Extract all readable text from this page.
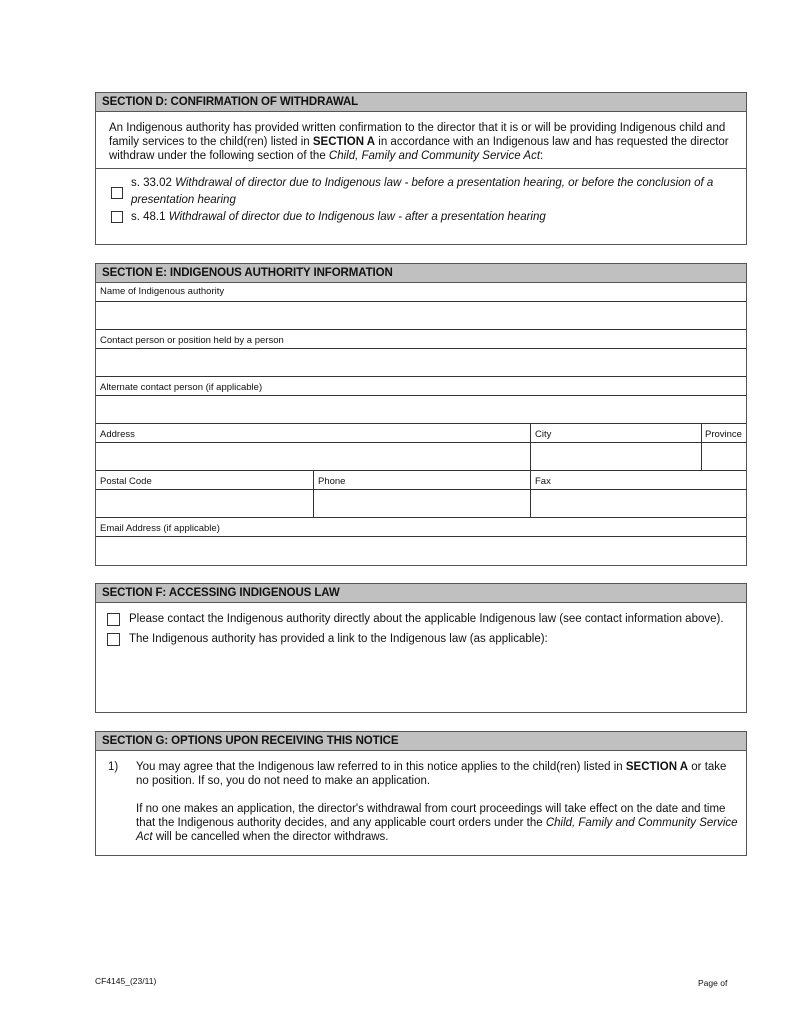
SECTION D: CONFIRMATION OF WITHDRAWAL
An Indigenous authority has provided written confirmation to the director that it is or will be providing Indigenous child and family services to the child(ren) listed in SECTION A in accordance with an Indigenous law and has requested the director withdraw under the following section of the Child, Family and Community Service Act:
s. 33.02 Withdrawal of director due to Indigenous law - before a presentation hearing, or before the conclusion of a presentation hearing
s. 48.1 Withdrawal of director due to Indigenous law - after a presentation hearing
SECTION E: INDIGENOUS AUTHORITY INFORMATION
Name of Indigenous authority
Contact person or position held by a person
Alternate contact person (if applicable)
Address	City	Province
Postal Code	Phone	Fax
Email Address (if applicable)
SECTION F: ACCESSING INDIGENOUS LAW
Please contact the Indigenous authority directly about the applicable Indigenous law (see contact information above).
The Indigenous authority has provided a link to the Indigenous law (as applicable):
SECTION G: OPTIONS UPON RECEIVING THIS NOTICE
1)	You may agree that the Indigenous law referred to in this notice applies to the child(ren) listed in SECTION A or take no position. If so, you do not need to make an application.

If no one makes an application, the director's withdrawal from court proceedings will take effect on the date and time that the Indigenous authority decides, and any applicable court orders under the Child, Family and Community Service Act will be cancelled when the director withdraws.

CF4145_(23/11)	Page of
